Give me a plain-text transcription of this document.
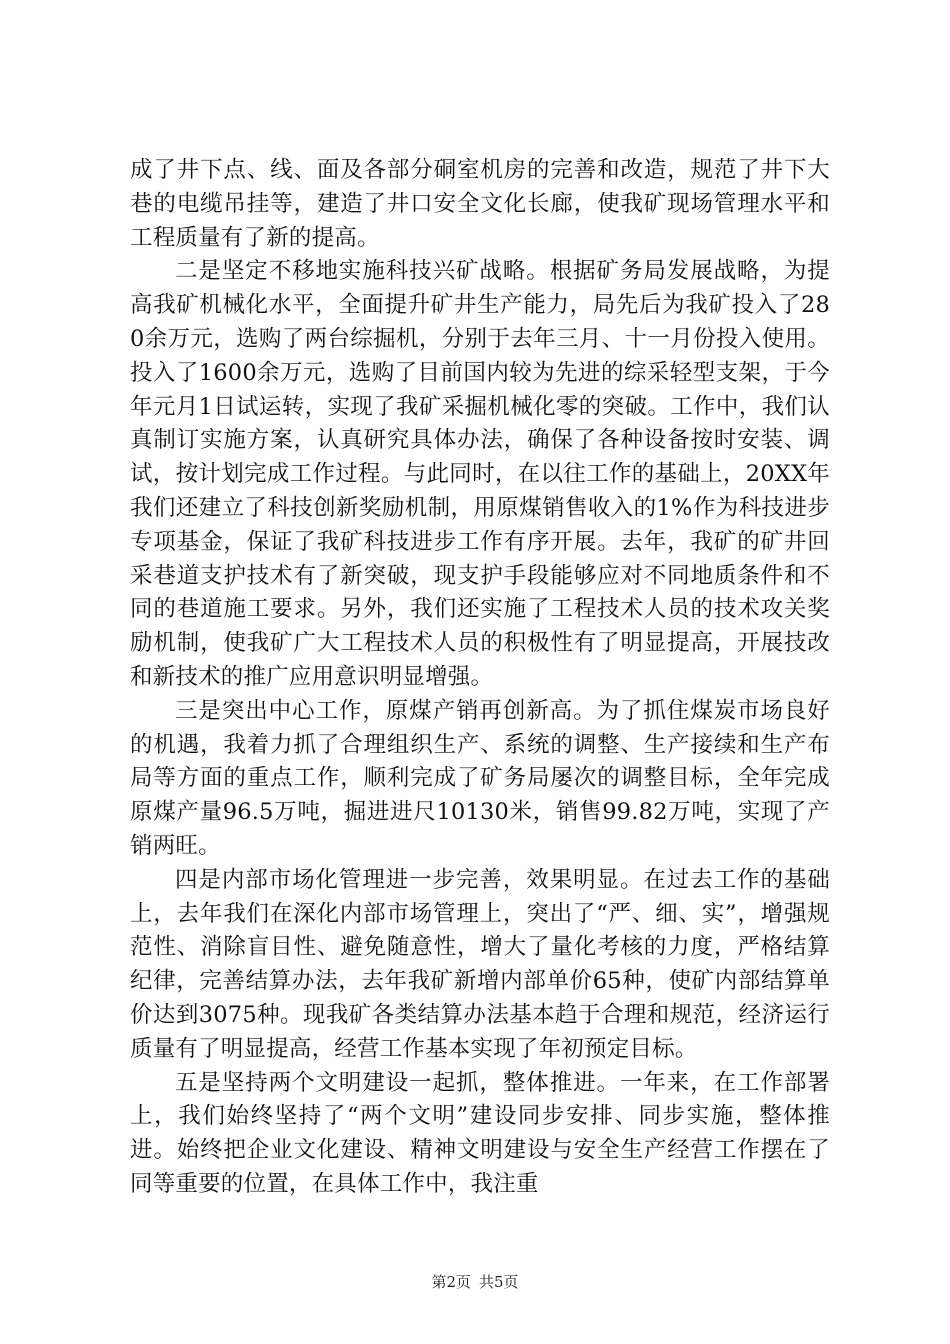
成了井下点、线、面及各部分硐室机房的完善和改造，规范了井下大巷的电缆吊挂等，建造了井口安全文化长廊，使我矿现场管理水平和工程质量有了新的提高。

二是坚定不移地实施科技兴矿战略。根据矿务局发展战略，为提高我矿机械化水平，全面提升矿井生产能力，局先后为我矿投入了280余万元，选购了两台综掘机，分别于去年三月、十一月份投入使用。投入了1600余万元，选购了目前国内较为先进的综采轻型支架，于今年元月1日试运转，实现了我矿采掘机械化零的突破。工作中，我们认真制订实施方案，认真研究具体办法，确保了各种设备按时安装、调试，按计划完成工作过程。与此同时，在以往工作的基础上，20XX年我们还建立了科技创新奖励机制，用原煤销售收入的1%作为科技进步专项基金，保证了我矿科技进步工作有序开展。去年，我矿的矿井回采巷道支护技术有了新突破，现支护手段能够应对不同地质条件和不同的巷道施工要求。另外，我们还实施了工程技术人员的技术攻关奖励机制，使我矿广大工程技术人员的积极性有了明显提高，开展技改和新技术的推广应用意识明显增强。

三是突出中心工作，原煤产销再创新高。为了抓住煤炭市场良好的机遇，我着力抓了合理组织生产、系统的调整、生产接续和生产布局等方面的重点工作，顺利完成了矿务局屡次的调整目标，全年完成原煤产量96.5万吨，掘进进尺10130米，销售99.82万吨，实现了产销两旺。

四是内部市场化管理进一步完善，效果明显。在过去工作的基础上，去年我们在深化内部市场管理上，突出了“严、细、实”，增强规范性、消除盲目性、避免随意性，增大了量化考核的力度，严格结算纪律，完善结算办法，去年我矿新增内部单价65种，使矿内部结算单价达到3075种。现我矿各类结算办法基本趋于合理和规范，经济运行质量有了明显提高，经营工作基本实现了年初预定目标。

五是坚持两个文明建设一起抓，整体推进。一年来，在工作部署上，我们始终坚持了“两个文明”建设同步安排、同步实施，整体推进。始终把企业文化建设、精神文明建设与安全生产经营工作摆在了同等重要的位置，在具体工作中，我注重

第2页 共5页
